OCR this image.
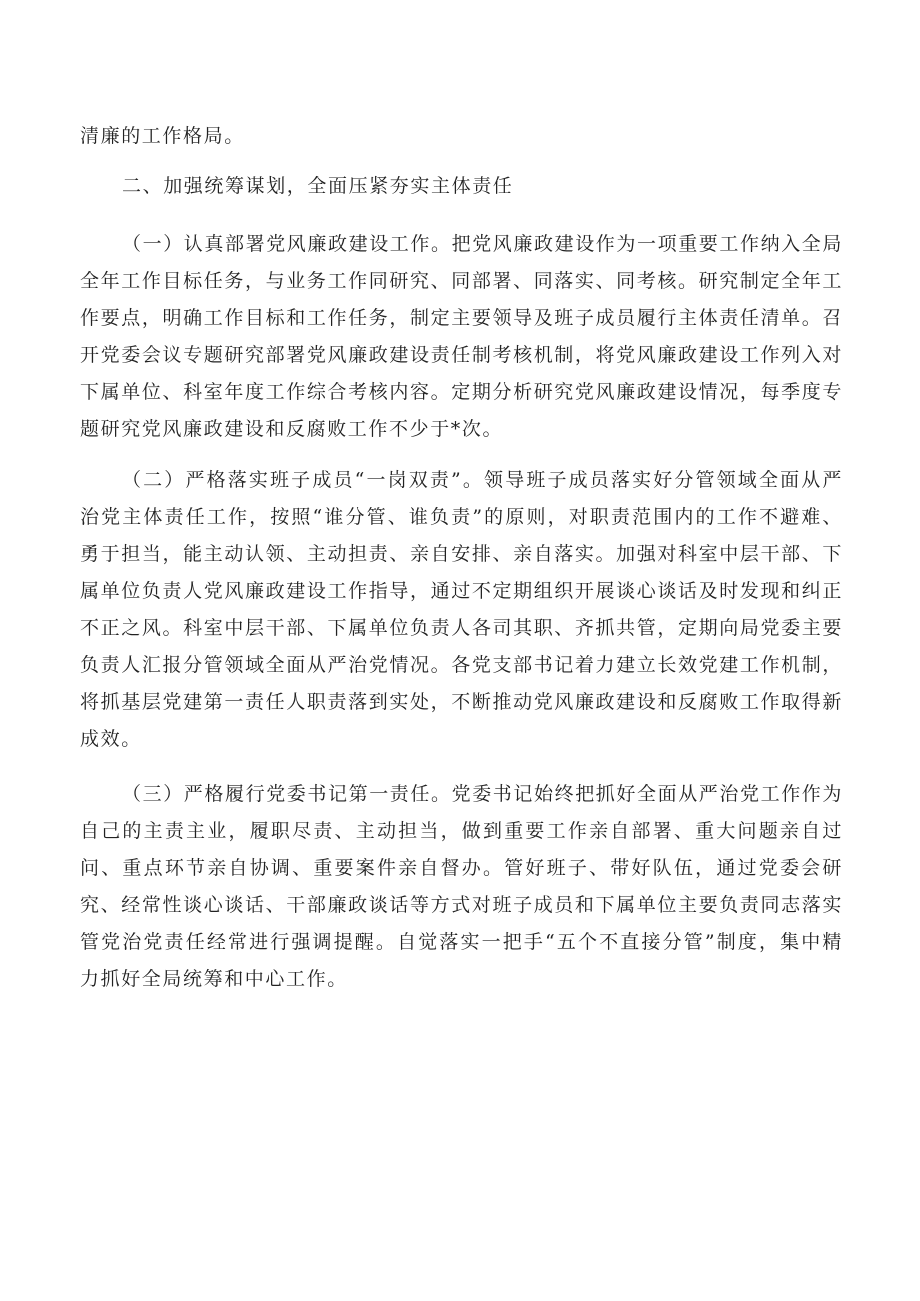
清廉的工作格局。

二、加强统筹谋划，全面压紧夯实主体责任

（一）认真部署党风廉政建设工作。把党风廉政建设作为一项重要工作纳入全局全年工作目标任务，与业务工作同研究、同部署、同落实、同考核。研究制定全年工作要点，明确工作目标和工作任务，制定主要领导及班子成员履行主体责任清单。召开党委会议专题研究部署党风廉政建设责任制考核机制，将党风廉政建设工作列入对下属单位、科室年度工作综合考核内容。定期分析研究党风廉政建设情况，每季度专题研究党风廉政建设和反腐败工作不少于*次。

（二）严格落实班子成员“一岗双责”。领导班子成员落实好分管领域全面从严治党主体责任工作，按照“谁分管、谁负责”的原则，对职责范围内的工作不避难、勇于担当，能主动认领、主动担责、亲自安排、亲自落实。加强对科室中层干部、下属单位负责人党风廉政建设工作指导，通过不定期组织开展谈心谈话及时发现和纠正不正之风。科室中层干部、下属单位负责人各司其职、齐抓共管，定期向局党委主要负责人汇报分管领域全面从严治党情况。各党支部书记着力建立长效党建工作机制，将抓基层党建第一责任人职责落到实处，不断推动党风廉政建设和反腐败工作取得新成效。

（三）严格履行党委书记第一责任。党委书记始终把抓好全面从严治党工作作为自己的主责主业，履职尽责、主动担当，做到重要工作亲自部署、重大问题亲自过问、重点环节亲自协调、重要案件亲自督办。管好班子、带好队伍，通过党委会研究、经常性谈心谈话、干部廉政谈话等方式对班子成员和下属单位主要负责同志落实管党治党责任经常进行强调提醒。自觉落实一把手“五个不直接分管”制度，集中精力抓好全局统筹和中心工作。
